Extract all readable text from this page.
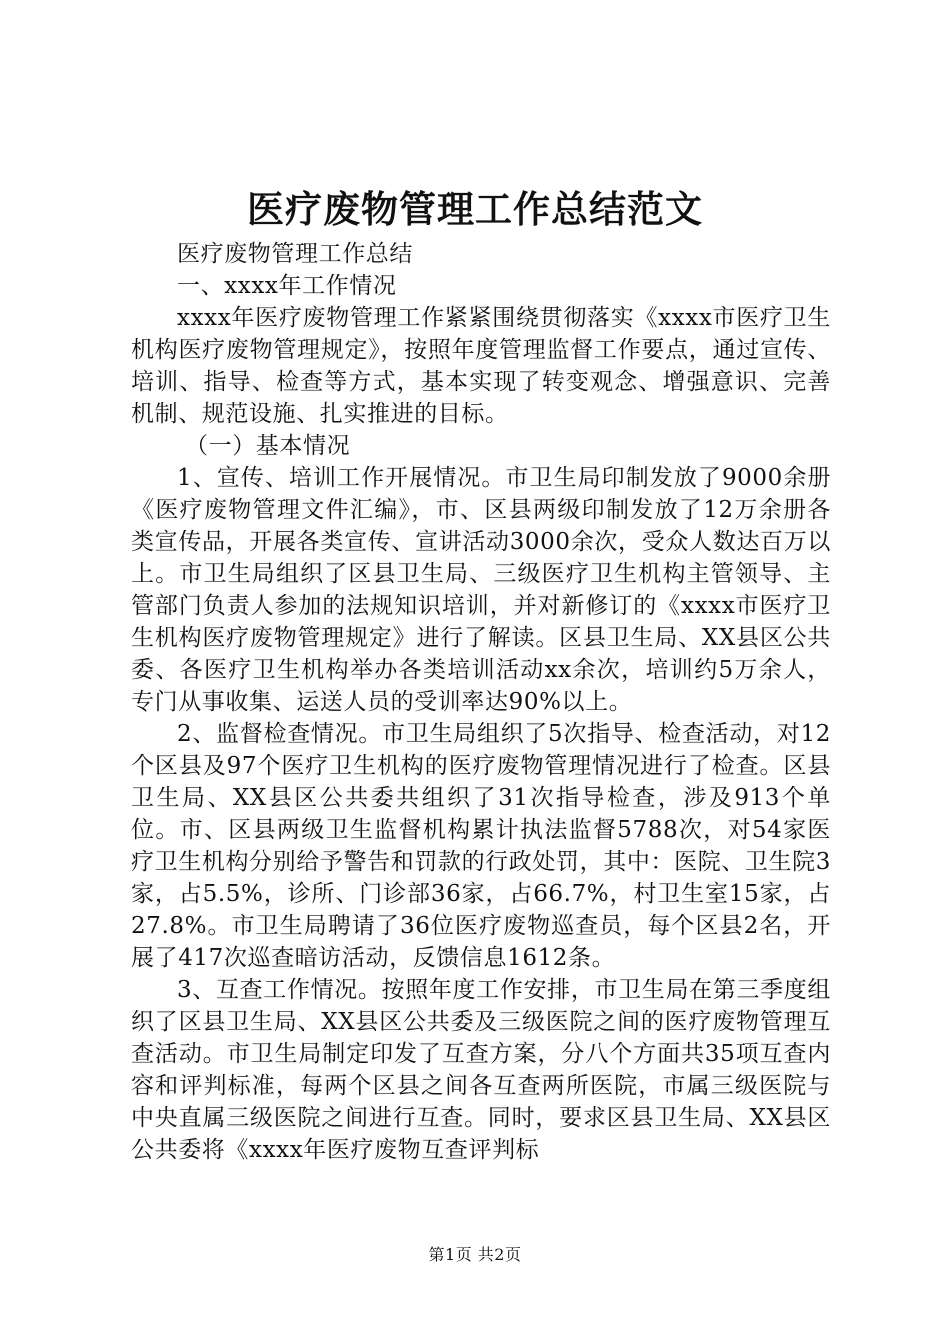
医疗废物管理工作总结范文

医疗废物管理工作总结

一、xxxx年工作情况

xxxx年医疗废物管理工作紧紧围绕贯彻落实《xxxx市医疗卫生机构医疗废物管理规定》，按照年度管理监督工作要点，通过宣传、培训、指导、检查等方式，基本实现了转变观念、增强意识、完善机制、规范设施、扎实推进的目标。

（一）基本情况

1、宣传、培训工作开展情况。市卫生局印制发放了9000余册《医疗废物管理文件汇编》，市、区县两级印制发放了12万余册各类宣传品，开展各类宣传、宣讲活动3000余次，受众人数达百万以上。市卫生局组织了区县卫生局、三级医疗卫生机构主管领导、主管部门负责人参加的法规知识培训，并对新修订的《xxxx市医疗卫生机构医疗废物管理规定》进行了解读。区县卫生局、XX县区公共委、各医疗卫生机构举办各类培训活动xx余次，培训约5万余人，专门从事收集、运送人员的受训率达90%以上。

2、监督检查情况。市卫生局组织了5次指导、检查活动，对12个区县及97个医疗卫生机构的医疗废物管理情况进行了检查。区县卫生局、XX县区公共委共组织了31次指导检查，涉及913个单位。市、区县两级卫生监督机构累计执法监督5788次，对54家医疗卫生机构分别给予警告和罚款的行政处罚，其中：医院、卫生院3家，占5.5%，诊所、门诊部36家，占66.7%，村卫生室15家，占27.8%。市卫生局聘请了36位医疗废物巡查员，每个区县2名，开展了417次巡查暗访活动，反馈信息1612条。

3、互查工作情况。按照年度工作安排，市卫生局在第三季度组织了区县卫生局、XX县区公共委及三级医院之间的医疗废物管理互查活动。市卫生局制定印发了互查方案，分八个方面共35项互查内容和评判标准，每两个区县之间各互查两所医院，市属三级医院与中央直属三级医院之间进行互查。同时，要求区县卫生局、XX县区公共委将《xxxx年医疗废物互查评判标

第1页 共2页
